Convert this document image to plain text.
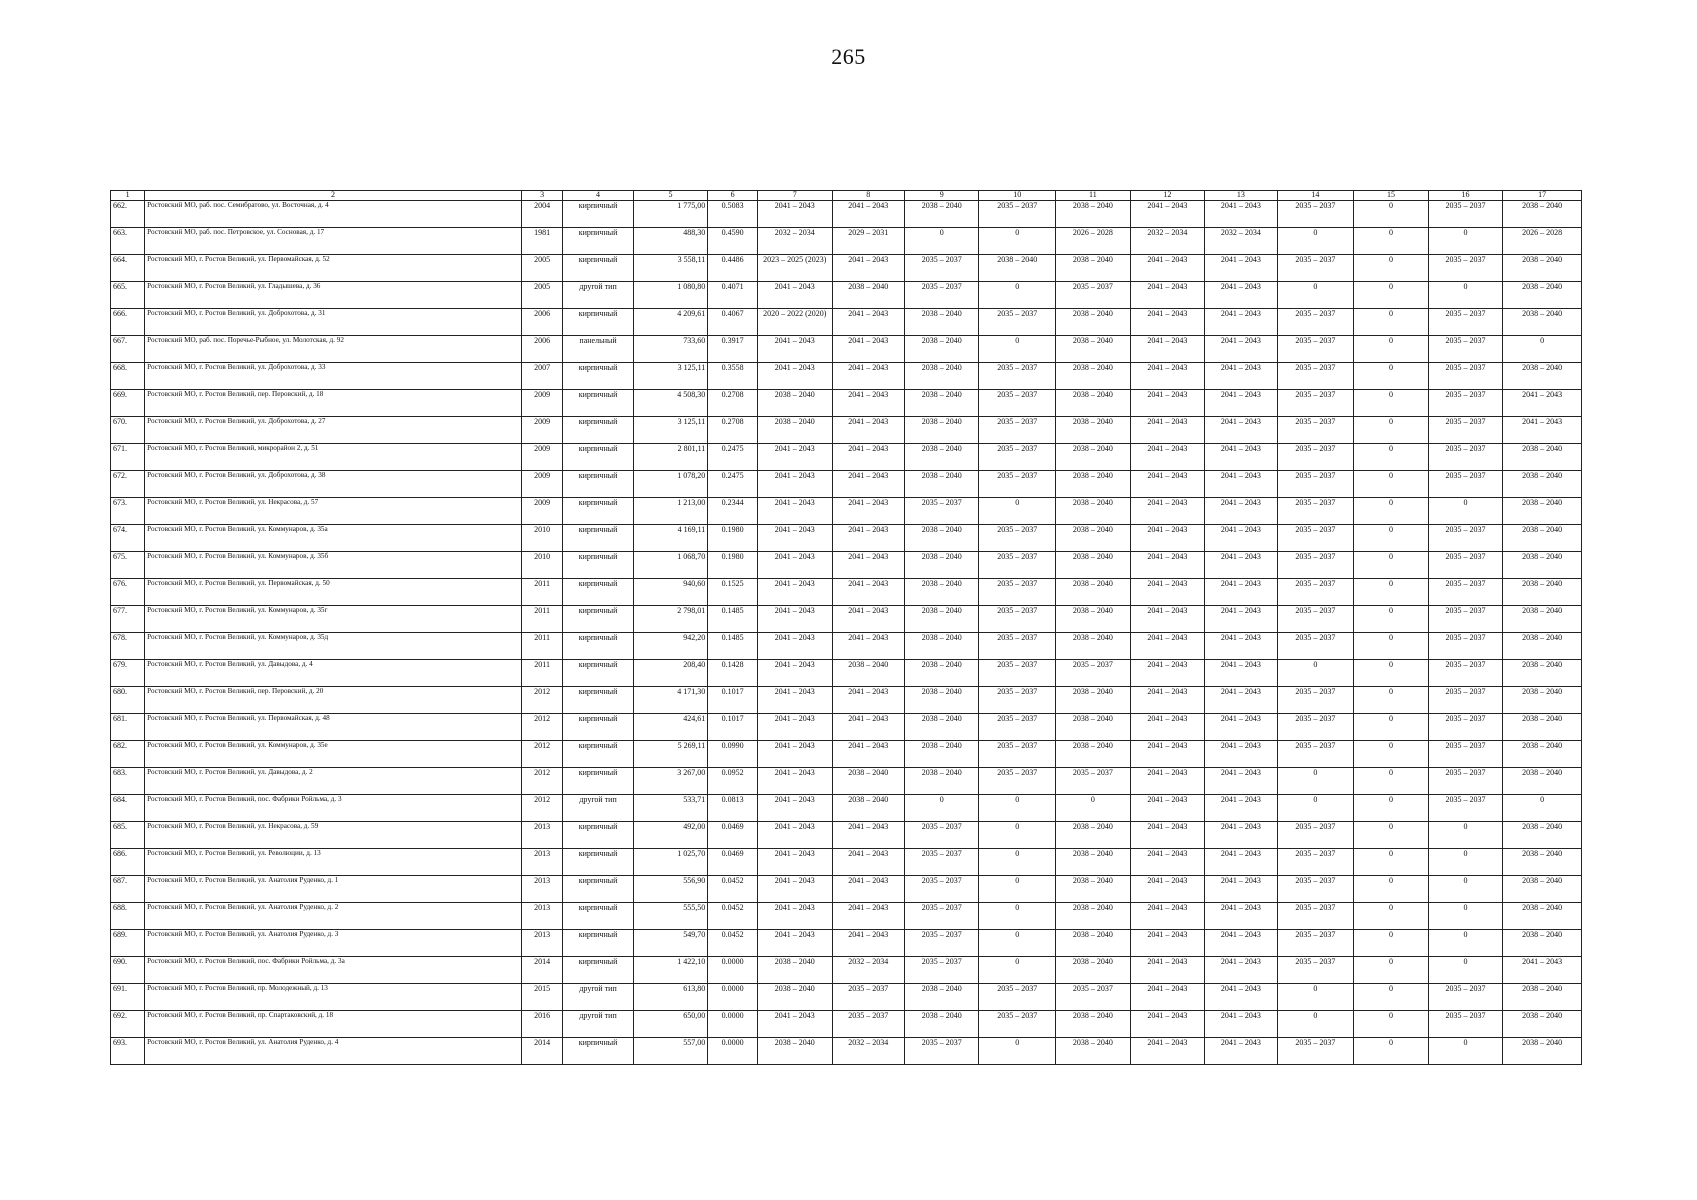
265
1	2	3	4	5	6	7	8	9	10	11	12	13	14	15	16	17
662.	Ростовский МО, раб. пос. Семибратово, ул. Восточная, д. 4	2004	кирпичный	1 775,00	0.5083	2041 – 2043	2041 – 2043	2038 – 2040	2035 – 2037	2038 – 2040	2041 – 2043	2041 – 2043	2035 – 2037	0	2035 – 2037	2038 – 2040
663.	Ростовский МО, раб. пос. Петровское, ул. Сосновая, д. 17	1981	кирпичный	488,30	0.4590	2032 – 2034	2029 – 2031	0	0	2026 – 2028	2032 – 2034	2032 – 2034	0	0	0	2026 – 2028
664.	Ростовский МО, г. Ростов Великий, ул. Первомайская, д. 52	2005	кирпичный	3 558,11	0.4486	2023 – 2025 (2023)	2041 – 2043	2035 – 2037	2038 – 2040	2038 – 2040	2041 – 2043	2041 – 2043	2035 – 2037	0	2035 – 2037	2038 – 2040
665.	Ростовский МО, г. Ростов Великий, ул. Гладышева, д. 36	2005	другой тип	1 080,80	0.4071	2041 – 2043	2038 – 2040	2035 – 2037	0	2035 – 2037	2041 – 2043	2041 – 2043	0	0	0	2038 – 2040
666.	Ростовский МО, г. Ростов Великий, ул. Доброхотова, д. 31	2006	кирпичный	4 209,61	0.4067	2020 – 2022 (2020)	2041 – 2043	2038 – 2040	2035 – 2037	2038 – 2040	2041 – 2043	2041 – 2043	2035 – 2037	0	2035 – 2037	2038 – 2040
667.	Ростовский МО, раб. пос. Поречье-Рыбное, ул. Молотская, д. 92	2006	панельный	733,60	0.3917	2041 – 2043	2041 – 2043	2038 – 2040	0	2038 – 2040	2041 – 2043	2041 – 2043	2035 – 2037	0	2035 – 2037	0
668.	Ростовский МО, г. Ростов Великий, ул. Доброхотова, д. 33	2007	кирпичный	3 125,11	0.3558	2041 – 2043	2041 – 2043	2038 – 2040	2035 – 2037	2038 – 2040	2041 – 2043	2041 – 2043	2035 – 2037	0	2035 – 2037	2038 – 2040
669.	Ростовский МО, г. Ростов Великий, пер. Перовский, д. 18	2009	кирпичный	4 508,30	0.2708	2038 – 2040	2041 – 2043	2038 – 2040	2035 – 2037	2038 – 2040	2041 – 2043	2041 – 2043	2035 – 2037	0	2035 – 2037	2041 – 2043
670.	Ростовский МО, г. Ростов Великий, ул. Доброхотова, д. 27	2009	кирпичный	3 125,11	0.2708	2038 – 2040	2041 – 2043	2038 – 2040	2035 – 2037	2038 – 2040	2041 – 2043	2041 – 2043	2035 – 2037	0	2035 – 2037	2041 – 2043
671.	Ростовский МО, г. Ростов Великий, микрорайон 2, д. 51	2009	кирпичный	2 801,11	0.2475	2041 – 2043	2041 – 2043	2038 – 2040	2035 – 2037	2038 – 2040	2041 – 2043	2041 – 2043	2035 – 2037	0	2035 – 2037	2038 – 2040
672.	Ростовский МО, г. Ростов Великий, ул. Доброхотова, д. 38	2009	кирпичный	1 078,20	0.2475	2041 – 2043	2041 – 2043	2038 – 2040	2035 – 2037	2038 – 2040	2041 – 2043	2041 – 2043	2035 – 2037	0	2035 – 2037	2038 – 2040
673.	Ростовский МО, г. Ростов Великий, ул. Некрасова, д. 57	2009	кирпичный	1 213,00	0.2344	2041 – 2043	2041 – 2043	2035 – 2037	0	2038 – 2040	2041 – 2043	2041 – 2043	2035 – 2037	0	0	2038 – 2040
674.	Ростовский МО, г. Ростов Великий, ул. Коммунаров, д. 35а	2010	кирпичный	4 169,11	0.1980	2041 – 2043	2041 – 2043	2038 – 2040	2035 – 2037	2038 – 2040	2041 – 2043	2041 – 2043	2035 – 2037	0	2035 – 2037	2038 – 2040
675.	Ростовский МО, г. Ростов Великий, ул. Коммунаров, д. 35б	2010	кирпичный	1 068,70	0.1980	2041 – 2043	2041 – 2043	2038 – 2040	2035 – 2037	2038 – 2040	2041 – 2043	2041 – 2043	2035 – 2037	0	2035 – 2037	2038 – 2040
676.	Ростовский МО, г. Ростов Великий, ул. Первомайская, д. 50	2011	кирпичный	940,60	0.1525	2041 – 2043	2041 – 2043	2038 – 2040	2035 – 2037	2038 – 2040	2041 – 2043	2041 – 2043	2035 – 2037	0	2035 – 2037	2038 – 2040
677.	Ростовский МО, г. Ростов Великий, ул. Коммунаров, д. 35г	2011	кирпичный	2 798,01	0.1485	2041 – 2043	2041 – 2043	2038 – 2040	2035 – 2037	2038 – 2040	2041 – 2043	2041 – 2043	2035 – 2037	0	2035 – 2037	2038 – 2040
678.	Ростовский МО, г. Ростов Великий, ул. Коммунаров, д. 35д	2011	кирпичный	942,20	0.1485	2041 – 2043	2041 – 2043	2038 – 2040	2035 – 2037	2038 – 2040	2041 – 2043	2041 – 2043	2035 – 2037	0	2035 – 2037	2038 – 2040
679.	Ростовский МО, г. Ростов Великий, ул. Давыдова, д. 4	2011	кирпичный	208,40	0.1428	2041 – 2043	2038 – 2040	2038 – 2040	2035 – 2037	2035 – 2037	2041 – 2043	2041 – 2043	0	0	2035 – 2037	2038 – 2040
680.	Ростовский МО, г. Ростов Великий, пер. Перовский, д. 20	2012	кирпичный	4 171,30	0.1017	2041 – 2043	2041 – 2043	2038 – 2040	2035 – 2037	2038 – 2040	2041 – 2043	2041 – 2043	2035 – 2037	0	2035 – 2037	2038 – 2040
681.	Ростовский МО, г. Ростов Великий, ул. Первомайская, д. 48	2012	кирпичный	424,61	0.1017	2041 – 2043	2041 – 2043	2038 – 2040	2035 – 2037	2038 – 2040	2041 – 2043	2041 – 2043	2035 – 2037	0	2035 – 2037	2038 – 2040
682.	Ростовский МО, г. Ростов Великий, ул. Коммунаров, д. 35е	2012	кирпичный	5 269,11	0.0990	2041 – 2043	2041 – 2043	2038 – 2040	2035 – 2037	2038 – 2040	2041 – 2043	2041 – 2043	2035 – 2037	0	2035 – 2037	2038 – 2040
683.	Ростовский МО, г. Ростов Великий, ул. Давыдова, д. 2	2012	кирпичный	3 267,00	0.0952	2041 – 2043	2038 – 2040	2038 – 2040	2035 – 2037	2035 – 2037	2041 – 2043	2041 – 2043	0	0	2035 – 2037	2038 – 2040
684.	Ростовский МО, г. Ростов Великий, пос. Фабрики Ройльма, д. 3	2012	другой тип	533,71	0.0813	2041 – 2043	2038 – 2040	0	0	0	2041 – 2043	2041 – 2043	0	0	2035 – 2037	0
685.	Ростовский МО, г. Ростов Великий, ул. Некрасова, д. 59	2013	кирпичный	492,00	0.0469	2041 – 2043	2041 – 2043	2035 – 2037	0	2038 – 2040	2041 – 2043	2041 – 2043	2035 – 2037	0	0	2038 – 2040
686.	Ростовский МО, г. Ростов Великий, ул. Революции, д. 13	2013	кирпичный	1 025,70	0.0469	2041 – 2043	2041 – 2043	2035 – 2037	0	2038 – 2040	2041 – 2043	2041 – 2043	2035 – 2037	0	0	2038 – 2040
687.	Ростовский МО, г. Ростов Великий, ул. Анатолия Руденко, д. 1	2013	кирпичный	556,90	0.0452	2041 – 2043	2041 – 2043	2035 – 2037	0	2038 – 2040	2041 – 2043	2041 – 2043	2035 – 2037	0	0	2038 – 2040
688.	Ростовский МО, г. Ростов Великий, ул. Анатолия Руденко, д. 2	2013	кирпичный	555,50	0.0452	2041 – 2043	2041 – 2043	2035 – 2037	0	2038 – 2040	2041 – 2043	2041 – 2043	2035 – 2037	0	0	2038 – 2040
689.	Ростовский МО, г. Ростов Великий, ул. Анатолия Руденко, д. 3	2013	кирпичный	549,70	0.0452	2041 – 2043	2041 – 2043	2035 – 2037	0	2038 – 2040	2041 – 2043	2041 – 2043	2035 – 2037	0	0	2038 – 2040
690.	Ростовский МО, г. Ростов Великий, пос. Фабрики Ройльма, д. 3а	2014	кирпичный	1 422,10	0.0000	2038 – 2040	2032 – 2034	2035 – 2037	0	2038 – 2040	2041 – 2043	2041 – 2043	2035 – 2037	0	0	2041 – 2043
691.	Ростовский МО, г. Ростов Великий, пр. Молодежный, д. 13	2015	другой тип	613,80	0.0000	2038 – 2040	2035 – 2037	2038 – 2040	2035 – 2037	2035 – 2037	2041 – 2043	2041 – 2043	0	0	2035 – 2037	2038 – 2040
692.	Ростовский МО, г. Ростов Великий, пр. Спартаковский, д. 18	2016	другой тип	650,00	0.0000	2041 – 2043	2035 – 2037	2038 – 2040	2035 – 2037	2038 – 2040	2041 – 2043	2041 – 2043	0	0	2035 – 2037	2038 – 2040
693.	Ростовский МО, г. Ростов Великий, ул. Анатолия Руденко, д. 4	2014	кирпичный	557,00	0.0000	2038 – 2040	2032 – 2034	2035 – 2037	0	2038 – 2040	2041 – 2043	2041 – 2043	2035 – 2037	0	0	2038 – 2040
